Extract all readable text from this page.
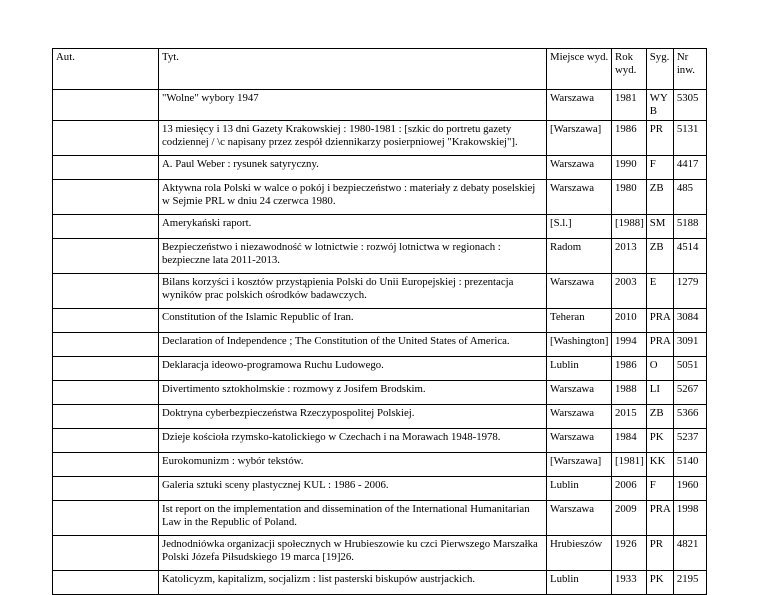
Aut.	Tyt.	Miejsce wyd.	Rok wyd.	Syg.	Nr inw.
	"Wolne" wybory 1947	Warszawa	1981	WY B	5305
	13 miesięcy i 13 dni Gazety Krakowskiej : 1980-1981 : [szkic do portretu gazety codziennej / \c napisany przez zespół dziennikarzy posierpniowej "Krakowskiej"].	[Warszawa]	1986	PR	5131
	A. Paul Weber : rysunek satyryczny.	Warszawa	1990	F	4417
	Aktywna rola Polski w walce o pokój i bezpieczeństwo : materiały z debaty poselskiej w Sejmie PRL w dniu 24 czerwca 1980.	Warszawa	1980	ZB	485
	Amerykański raport.	[S.l.]	[1988]	SM	5188
	Bezpieczeństwo i niezawodność w lotnictwie : rozwój lotnictwa w regionach : bezpieczne lata 2011-2013.	Radom	2013	ZB	4514
	Bilans korzyści i kosztów przystąpienia Polski do Unii Europejskiej : prezentacja wyników prac polskich ośrodków badawczych.	Warszawa	2003	E	1279
	Constitution of the Islamic Republic of Iran.	Teheran	2010	PRA	3084
	Declaration of Independence ; The Constitution of the United States of America.	[Washington]	1994	PRA	3091
	Deklaracja ideowo-programowa Ruchu Ludowego.	Lublin	1986	O	5051
	Divertimento sztokholmskie : rozmowy z Josifem Brodskim.	Warszawa	1988	LI	5267
	Doktryna cyberbezpieczeństwa Rzeczypospolitej Polskiej.	Warszawa	2015	ZB	5366
	Dzieje kościoła rzymsko-katolickiego w Czechach i na Morawach 1948-1978.	Warszawa	1984	PK	5237
	Eurokomunizm : wybór tekstów.	[Warszawa]	[1981]	KK	5140
	Galeria sztuki sceny plastycznej KUL : 1986 - 2006.	Lublin	2006	F	1960
	Ist report on the implementation and dissemination of the International Humanitarian Law in the Republic of Poland.	Warszawa	2009	PRA	1998
	Jednodniówka organizacji społecznych w Hrubieszowie ku czci Pierwszego Marszałka Polski Józefa Piłsudskiego 19 marca [19]26.	Hrubieszów	1926	PR	4821
	Katolicyzm, kapitalizm, socjalizm : list pasterski biskupów austrjackich.	Lublin	1933	PK	2195
